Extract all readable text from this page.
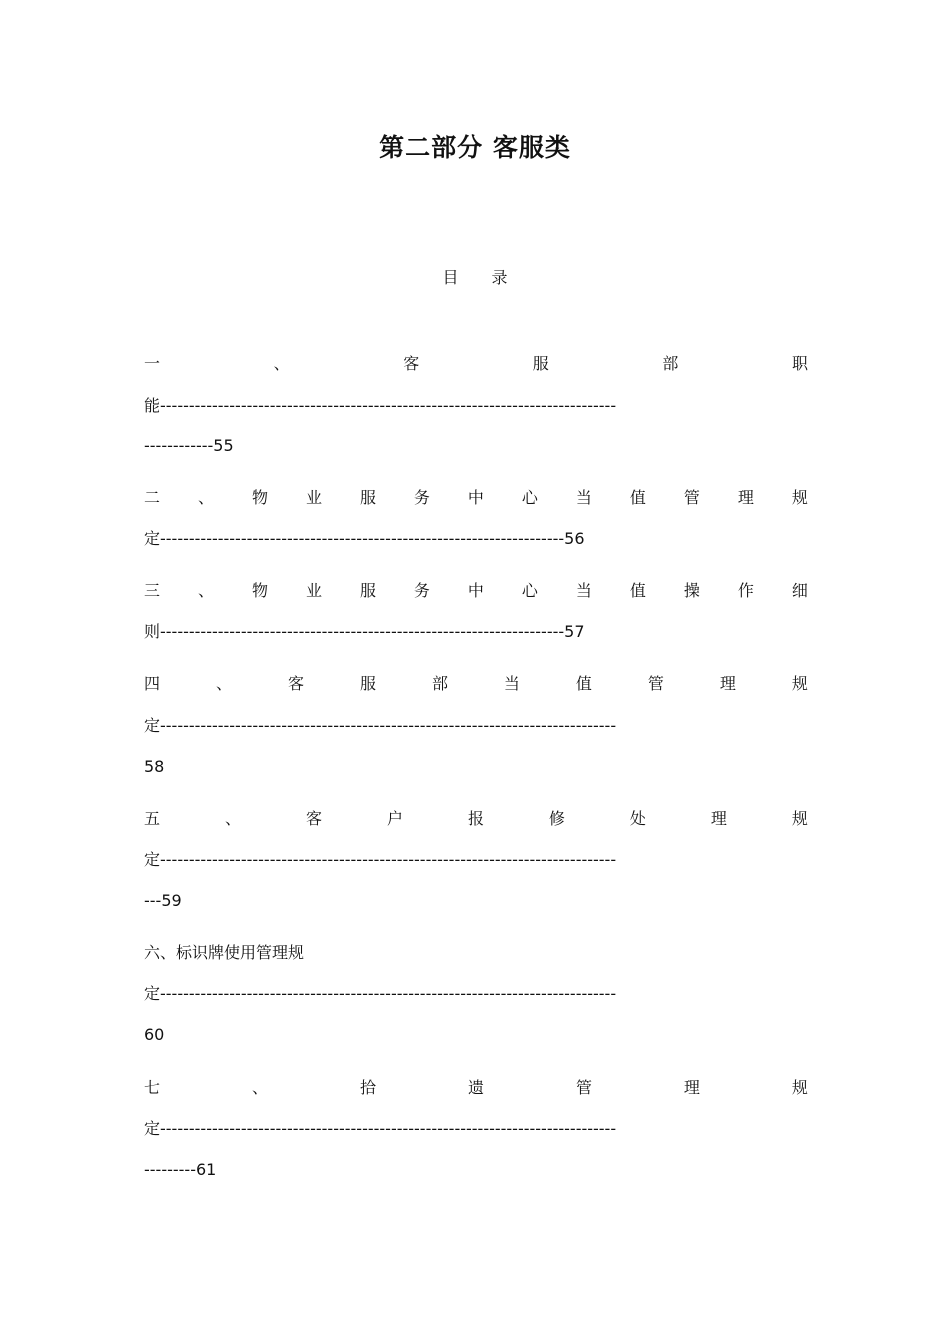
第二部分 客服类
目 录
一	、	客	服	部	职
能-------------------------------------------------------------------------------
------------55
二 、 物 业 服 务 中 心 当 值 管 理 规
定----------------------------------------------------------------------56
三 、 物 业 服 务 中 心 当 值 操 作 细
则----------------------------------------------------------------------57
四	、	客	服	部	当	值	管	理	规
定-------------------------------------------------------------------------------
58
五	、	客	户	报	修	处	理	规
定-------------------------------------------------------------------------------
---59
六、标识牌使用管理规
定-------------------------------------------------------------------------------
60
七	、	拾	遗	管	理	规
定-------------------------------------------------------------------------------
---------61
